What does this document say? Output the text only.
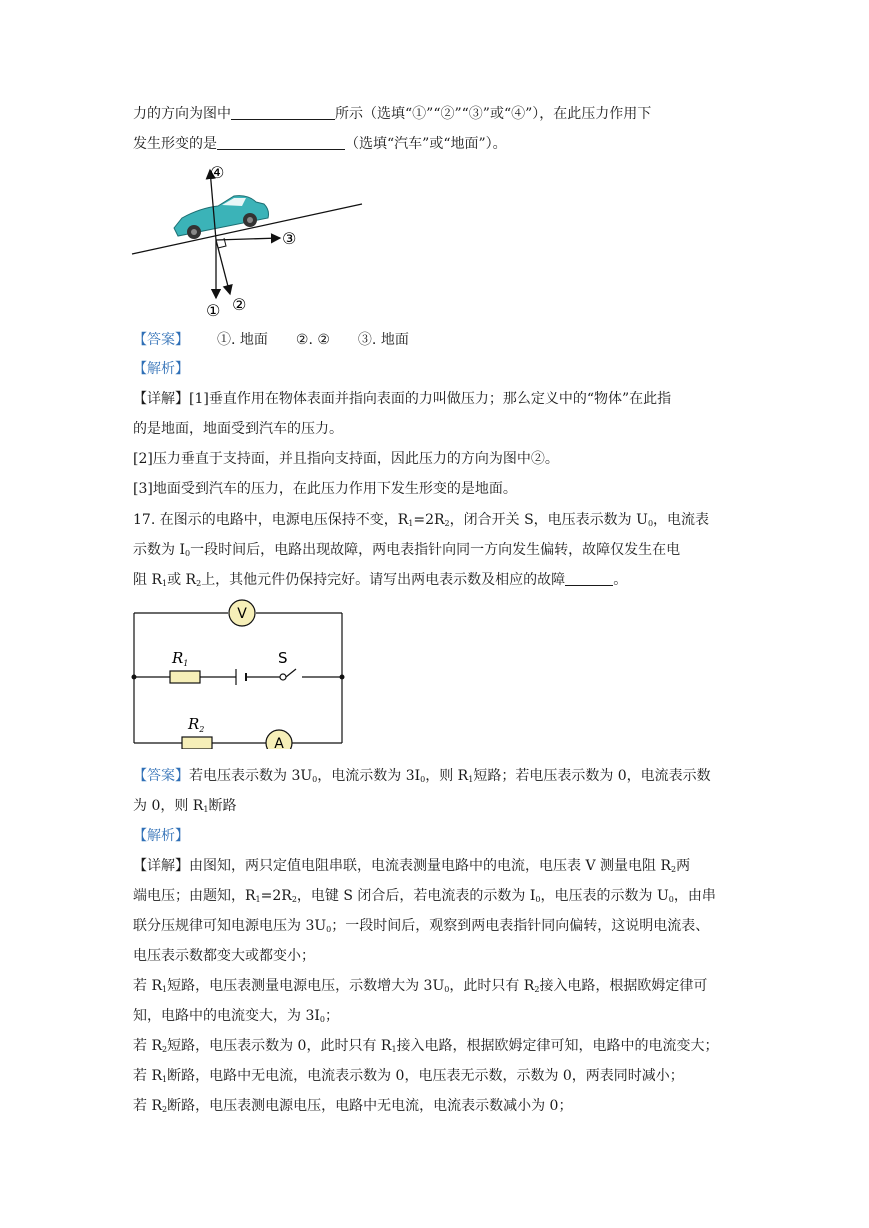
力的方向为图中	所示（选填“①”“②”“③”或“④”），在此压力作用下
发生形变的是	（选填“汽车”或“地面”）。
④
① ②
③
【答案】 ①. 地面 ②. ② ③. 地面
【解析】
【详解】[1]垂直作用在物体表面并指向表面的力叫做压力；那么定义中的“物体”在此指
的是地面，地面受到汽车的压力。
[2]压力垂直于支持面，并且指向支持面，因此压力的方向为图中②。
[3]地面受到汽车的压力，在此压力作用下发生形变的是地面。
17. 在图示的电路中，电源电压保持不变，$R_1=2R_2$，闭合开关 S，电压表示数为 $U_0$，电流表
示数为 $I_0$一段时间后，电路出现故障，两电表指针向同一方向发生偏转，故障仅发生在电
阻 $R_1$或 $R_2$上，其他元件仍保持完好。请写出两电表示数及相应的故障	。
V
$R_1$	S
$R_2$
A
【答案】若电压表示数为 $3U_0$，电流示数为 $3I_0$，则 $R_1$短路；若电压表示数为 0，电流表示数
为 0，则 $R_1$断路
【解析】
【详解】由图知，两只定值电阻串联，电流表测量电路中的电流，电压表 V 测量电阻 $R_2$两
端电压；由题知，$R_1=2R_2$，电键 S 闭合后，若电流表的示数为 $I_0$，电压表的示数为 $U_0$，由串
联分压规律可知电源电压为 $3U_0$；一段时间后，观察到两电表指针同向偏转，这说明电流表、
电压表示数都变大或都变小；
若 $R_1$短路，电压表测量电源电压，示数增大为 $3U_0$，此时只有 $R_2$接入电路，根据欧姆定律可
知，电路中的电流变大，为 $3I_0$；
若 $R_2$短路，电压表示数为 0，此时只有 $R_1$接入电路，根据欧姆定律可知，电路中的电流变大；
若 $R_1$断路，电路中无电流，电流表示数为 0，电压表无示数，示数为 0，两表同时减小；
若 $R_2$断路，电压表测电源电压，电路中无电流，电流表示数减小为 0；
